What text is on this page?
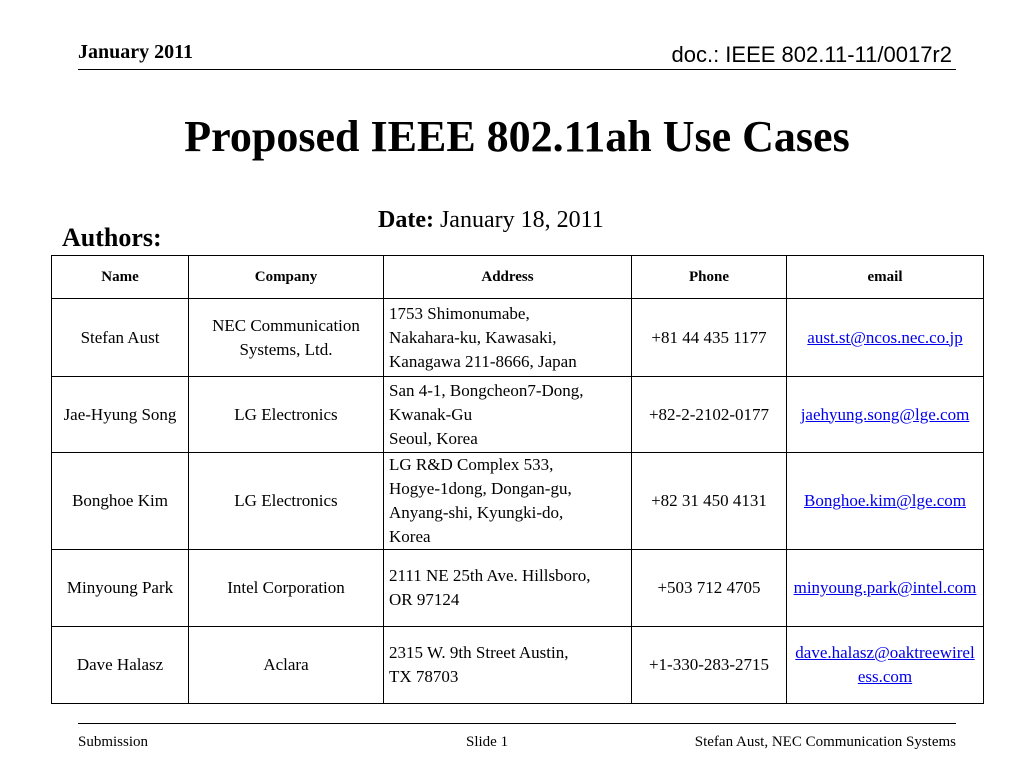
January 2011	doc.: IEEE 802.11-11/0017r2
Proposed IEEE 802.11ah Use Cases
Date: January 18, 2011
Authors:
Name	Company	Address	Phone	email
Stefan Aust	NEC Communication Systems, Ltd.	1753 Shimonumabe,
Nakahara-ku, Kawasaki,
Kanagawa 211-8666, Japan	+81 44 435 1177	aust.st@ncos.nec.co.jp
Jae-Hyung Song	LG Electronics	San 4-1, Bongcheon7-Dong,
Kwanak-Gu
Seoul, Korea	+82-2-2102-0177	jaehyung.song@lge.com
Bonghoe Kim	LG Electronics	LG R&D Complex 533,
Hogye-1dong, Dongan-gu,
Anyang-shi, Kyungki-do,
Korea	+82 31 450 4131	Bonghoe.kim@lge.com
Minyoung Park	Intel Corporation	2111 NE 25th Ave. Hillsboro,
OR 97124	+503 712 4705	minyoung.park@intel.com
Dave Halasz	Aclara	2315 W. 9th Street Austin,
TX 78703	+1-330-283-2715	dave.halasz@oaktreewireless.com
Submission	Slide 1	Stefan Aust, NEC Communication Systems
